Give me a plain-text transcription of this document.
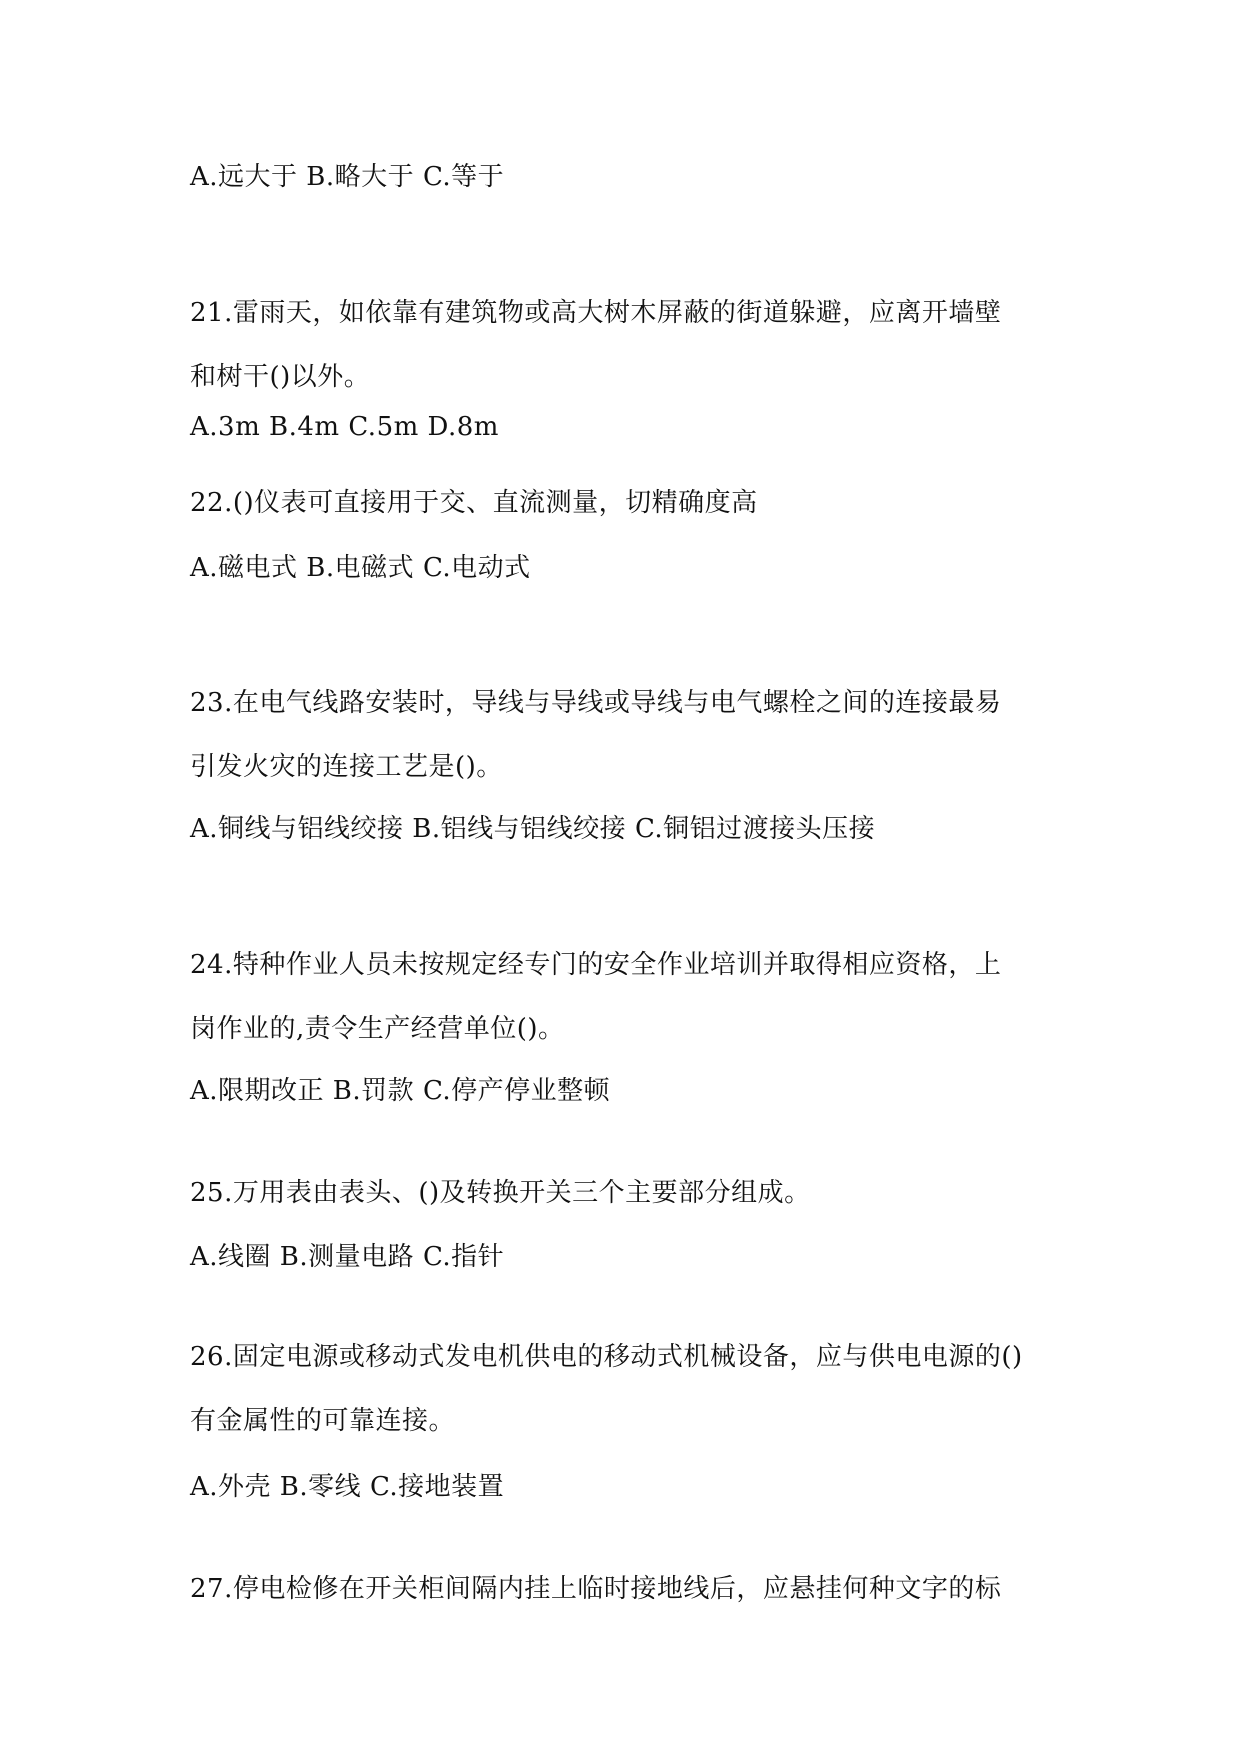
A.远大于 B.略大于 C.等于
21.雷雨天，如依靠有建筑物或高大树木屏蔽的街道躲避，应离开墙壁
和树干()以外。
A.3m B.4m C.5m D.8m
22.()仪表可直接用于交、直流测量，切精确度高
A.磁电式 B.电磁式 C.电动式
23.在电气线路安装时，导线与导线或导线与电气螺栓之间的连接最易
引发火灾的连接工艺是()。
A.铜线与铝线绞接 B.铝线与铝线绞接 C.铜铝过渡接头压接
24.特种作业人员未按规定经专门的安全作业培训并取得相应资格，上
岗作业的,责令生产经营单位()。
A.限期改正 B.罚款 C.停产停业整顿
25.万用表由表头、()及转换开关三个主要部分组成。
A.线圈 B.测量电路 C.指针
26.固定电源或移动式发电机供电的移动式机械设备，应与供电电源的()
有金属性的可靠连接。
A.外壳 B.零线 C.接地装置
27.停电检修在开关柜间隔内挂上临时接地线后，应悬挂何种文字的标
